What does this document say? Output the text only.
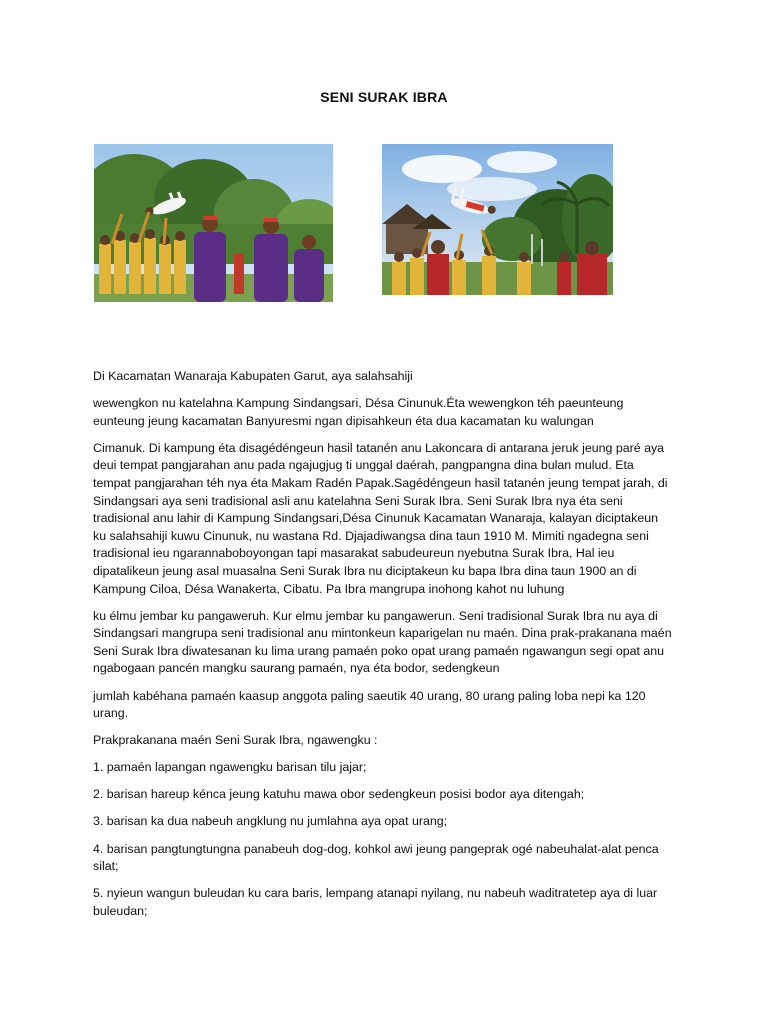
SENI SURAK IBRA

Di Kacamatan Wanaraja Kabupaten Garut, aya salahsahiji

wewengkon nu katelahna Kampung Sindangsari, Désa Cinunuk.Éta wewengkon téh paeunteung eunteung jeung kacamatan Banyuresmi ngan dipisahkeun éta dua kacamatan ku walungan

Cimanuk. Di kampung éta disagédéngeun hasil tatanén anu Lakoncara di antarana jeruk jeung paré aya deui tempat pangjarahan anu pada ngajugjug ti unggal daérah, pangpangna dina bulan mulud. Eta tempat pangjarahan téh nya éta Makam Radén Papak.Sagédéngeun hasil tatanén jeung tempat jarah, di Sindangsari aya seni tradisional asli anu katelahna Seni Surak Ibra. Seni Surak Ibra nya éta seni tradisional anu lahir di Kampung Sindangsari,Désa Cinunuk Kacamatan Wanaraja, kalayan diciptakeun ku salahsahiji kuwu Cinunuk, nu wastana Rd. Djajadiwangsa dina taun 1910 M. Mimiti ngadegna seni tradisional ieu ngarannaboboyongan tapi masarakat sabudeureun nyebutna Surak Ibra, Hal ieu dipatalikeun jeung asal muasalna Seni Surak Ibra nu diciptakeun ku bapa Ibra dina taun 1900 an di Kampung Ciloa, Désa Wanakerta, Cibatu. Pa Ibra mangrupa inohong kahot nu luhung

ku élmu jembar ku pangaweruh. Kur elmu jembar ku pangawerun. Seni tradisional Surak Ibra nu aya di Sindangsari mangrupa seni tradisional anu mintonkeun kaparigelan nu maén. Dina prak-prakanana maén Seni Surak Ibra diwatesanan ku lima urang pamaén poko opat urang pamaén ngawangun segi opat anu ngabogaan pancén mangku saurang pamaén, nya éta bodor, sedengkeun

jumlah kabéhana pamaén kaasup anggota paling saeutik 40 urang, 80 urang paling loba nepi ka 120 urang.

Prakprakanana maén Seni Surak Ibra, ngawengku :

1. pamaén lapangan ngawengku barisan tilu jajar;

2. barisan hareup kénca jeung katuhu mawa obor sedengkeun posisi bodor aya ditengah;

3. barisan ka dua nabeuh angklung nu jumlahna aya opat urang;

4. barisan pangtungtungna panabeuh dog-dog, kohkol awi jeung pangeprak ogé nabeuhalat-alat penca silat;

5. nyieun wangun buleudan ku cara baris, lempang atanapi nyilang, nu nabeuh waditratetep aya di luar buleudan;
